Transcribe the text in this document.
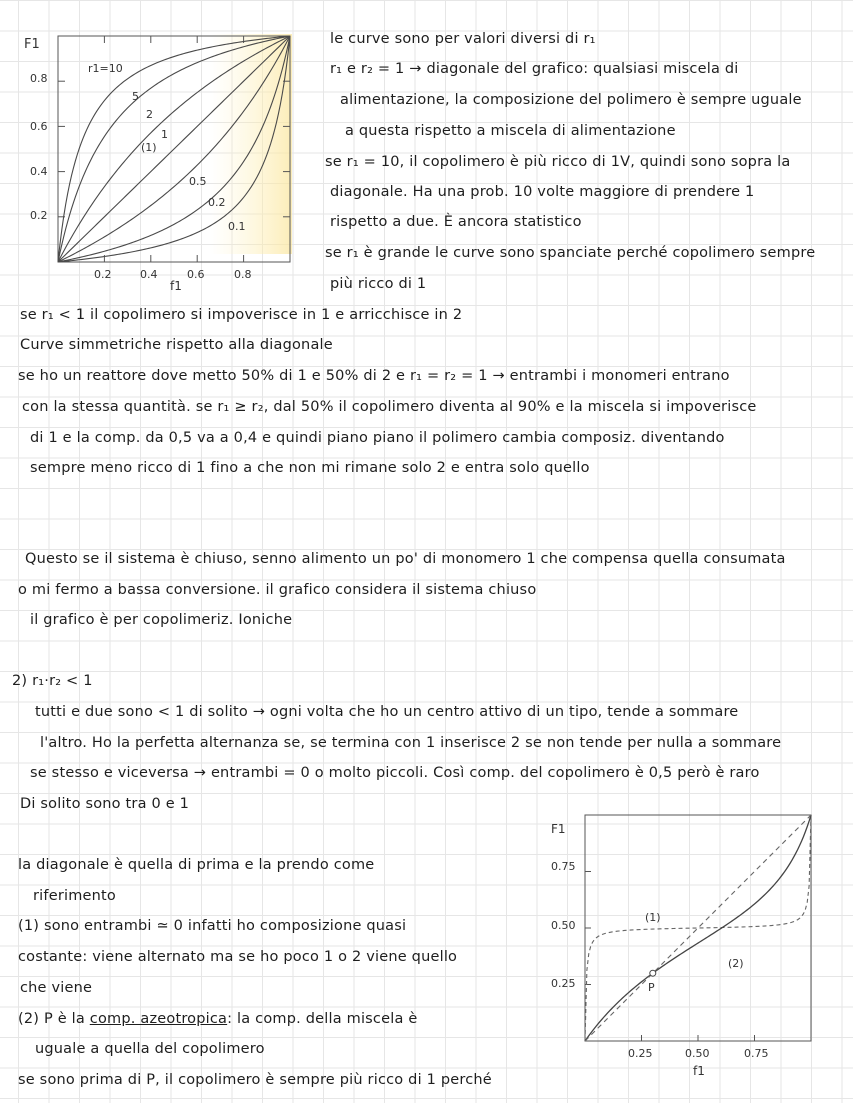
F1
f1
0.8
0.6
0.4
0.2
0.2	0.4	0.6	0.8
r1=10
5
2
1
(1)
0.5
0.2
0.1
F1
f1
0.75
0.50
0.25
0.25	0.50	0.75
(1)
(2)
P

le curve sono per valori diversi di r₁

r₁ e r₂ = 1 → diagonale del grafico: qualsiasi miscela di

alimentazione, la composizione del polimero è sempre uguale

a questa rispetto a miscela di alimentazione

se r₁ = 10, il copolimero è più ricco di 1V, quindi sono sopra la

diagonale. Ha una prob. 10 volte maggiore di prendere 1

rispetto a due. È ancora statistico

se r₁ è grande le curve sono spanciate perché copolimero sempre

più ricco di 1

se r₁ < 1 il copolimero si impoverisce in 1 e arricchisce in 2

Curve simmetriche rispetto alla diagonale

se ho un reattore dove metto 50% di 1 e 50% di 2 e r₁ = r₂ = 1 → entrambi i monomeri entrano

con la stessa quantità. se r₁ ≥ r₂, dal 50% il copolimero diventa al 90% e la miscela si impoverisce

di 1 e la comp. da 0,5 va a 0,4 e quindi piano piano il polimero cambia composiz. diventando

sempre meno ricco di 1 fino a che non mi rimane solo 2 e entra solo quello

Questo se il sistema è chiuso, senno alimento un po' di monomero 1 che compensa quella consumata

o mi fermo a bassa conversione. il grafico considera il sistema chiuso

il grafico è per copolimeriz. Ioniche

2) r₁·r₂ < 1

tutti e due sono < 1 di solito → ogni volta che ho un centro attivo di un tipo, tende a sommare

l'altro. Ho la perfetta alternanza se, se termina con 1 inserisce 2 se non tende per nulla a sommare

se stesso e viceversa → entrambi = 0 o molto piccoli. Così comp. del copolimero è 0,5 però è raro

Di solito sono tra 0 e 1

la diagonale è quella di prima e la prendo come

riferimento

(1) sono entrambi ≃ 0 infatti ho composizione quasi

costante: viene alternato ma se ho poco 1 o 2 viene quello

che viene

(2) P è la comp. azeotropica: la comp. della miscela è

uguale a quella del copolimero

se sono prima di P, il copolimero è sempre più ricco di 1 perché
